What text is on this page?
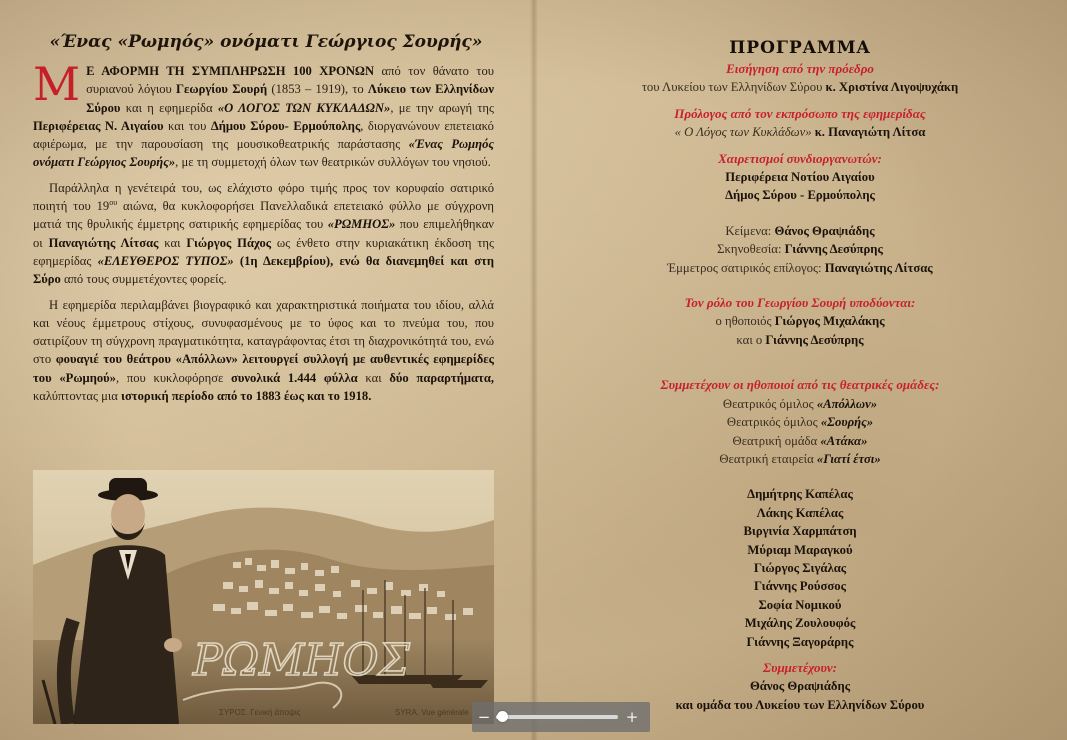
«Ένας «Ρωμηός» ονόματι Γεώργιος Σουρής»

Μ Ε ΑΦΟΡΜΗ ΤΗ ΣΥΜΠΛΗΡΩΣΗ 100 ΧΡΟΝΩΝ από τον θάνατο του συριανού λόγιου Γεωργίου Σουρή (1853 – 1919), το Λύκειο των Ελληνίδων Σύρου και η εφημερίδα «Ο ΛΟΓΟΣ ΤΩΝ ΚΥΚΛΑΔΩΝ», με την αρωγή της Περιφέρειας Ν. Αιγαίου και του Δήμου Σύρου- Ερμούπολης, διοργανώνουν επετειακό αφιέρωμα, με την παρουσίαση της μουσικοθεατρικής παράστασης «Ένας Ρωμηός ονόματι Γεώργιος Σουρής», με τη συμμετοχή όλων των θεατρικών συλλόγων του νησιού.

Παράλληλα η γενέτειρά του, ως ελάχιστο φόρο τιμής προς τον κορυφαίο σατιρικό ποιητή του $19^{o\upsilon}$ αιώνα, θα κυκλοφορήσει Πανελλαδικά επετειακό φύλλο με σύγχρονη ματιά της θρυλικής έμμετρης σατιρικής εφημερίδας του «ΡΩΜΗΟΣ» που επιμελήθηκαν οι Παναγιώτης Λίτσας και Γιώργος Πάχος ως ένθετο στην κυριακάτικη έκδοση της εφημερίδας «ΕΛΕΥΘΕΡΟΣ ΤΥΠΟΣ» (1η Δεκεμβρίου), ενώ θα διανεμηθεί και στη Σύρο από τους συμμετέχοντες φορείς.

Η εφημερίδα περιλαμβάνει βιογραφικό και χαρακτηριστικά ποιήματα του ιδίου, αλλά και νέους έμμετρους στίχους, συνυφασμένους με το ύφος και το πνεύμα του, που σατιρίζουν τη σύγχρονη πραγματικότητα, καταγράφοντας έτσι τη διαχρονικότητά του, ενώ στο φουαγιέ του θεάτρου «Απόλλων» λειτουργεί συλλογή με αυθεντικές εφημερίδες του «Ρωμηού», που κυκλοφόρησε συνολικά 1.444 φύλλα και δύο παραρτήματα, καλύπτοντας μια ιστορική περίοδο από το 1883 έως και το 1918.

ΡΩΜΗΟΣ
ΣΥΡΟΣ. Γενική άποψις	SYRA. Vue générale
ΠΡΟΓΡΑΜΜΑ
Εισήγηση από την πρόεδρο
του Λυκείου των Ελληνίδων Σύρου κ. Χριστίνα Λιγοψυχάκη
Πρόλογος από τον εκπρόσωπο της εφημερίδας
« Ο Λόγος των Κυκλάδων» κ. Παναγιώτη Λίτσα
Χαιρετισμοί συνδιοργανωτών:
Περιφέρεια Νοτίου Αιγαίου
Δήμος Σύρου - Ερμούπολης
Κείμενα: Θάνος Θραψιάδης
Σκηνοθεσία: Γιάννης Δεσύπρης
Έμμετρος σατιρικός επίλογος: Παναγιώτης Λίτσας
Τον ρόλο του Γεωργίου Σουρή υποδύονται:
ο ηθοποιός Γιώργος Μιχαλάκης
και ο Γιάννης Δεσύπρης
Συμμετέχουν οι ηθοποιοί από τις θεατρικές ομάδες:
Θεατρικός όμιλος «Απόλλων»
Θεατρικός όμιλος «Σουρής»
Θεατρική ομάδα «Ατάκα»
Θεατρική εταιρεία «Γιατί έτσι»
Δημήτρης Καπέλας
Λάκης Καπέλας
Βιργινία Χαρμπάτση
Μύριαμ Μαραγκού
Γιώργος Σιγάλας
Γιάννης Ρούσσος
Σοφία Νομικού
Μιχάλης Ζουλουφός
Γιάννης Ξαγοράρης
Συμμετέχουν:
Θάνος Θραψιάδης
και ομάδα του Λυκείου των Ελληνίδων Σύρου
−	+
